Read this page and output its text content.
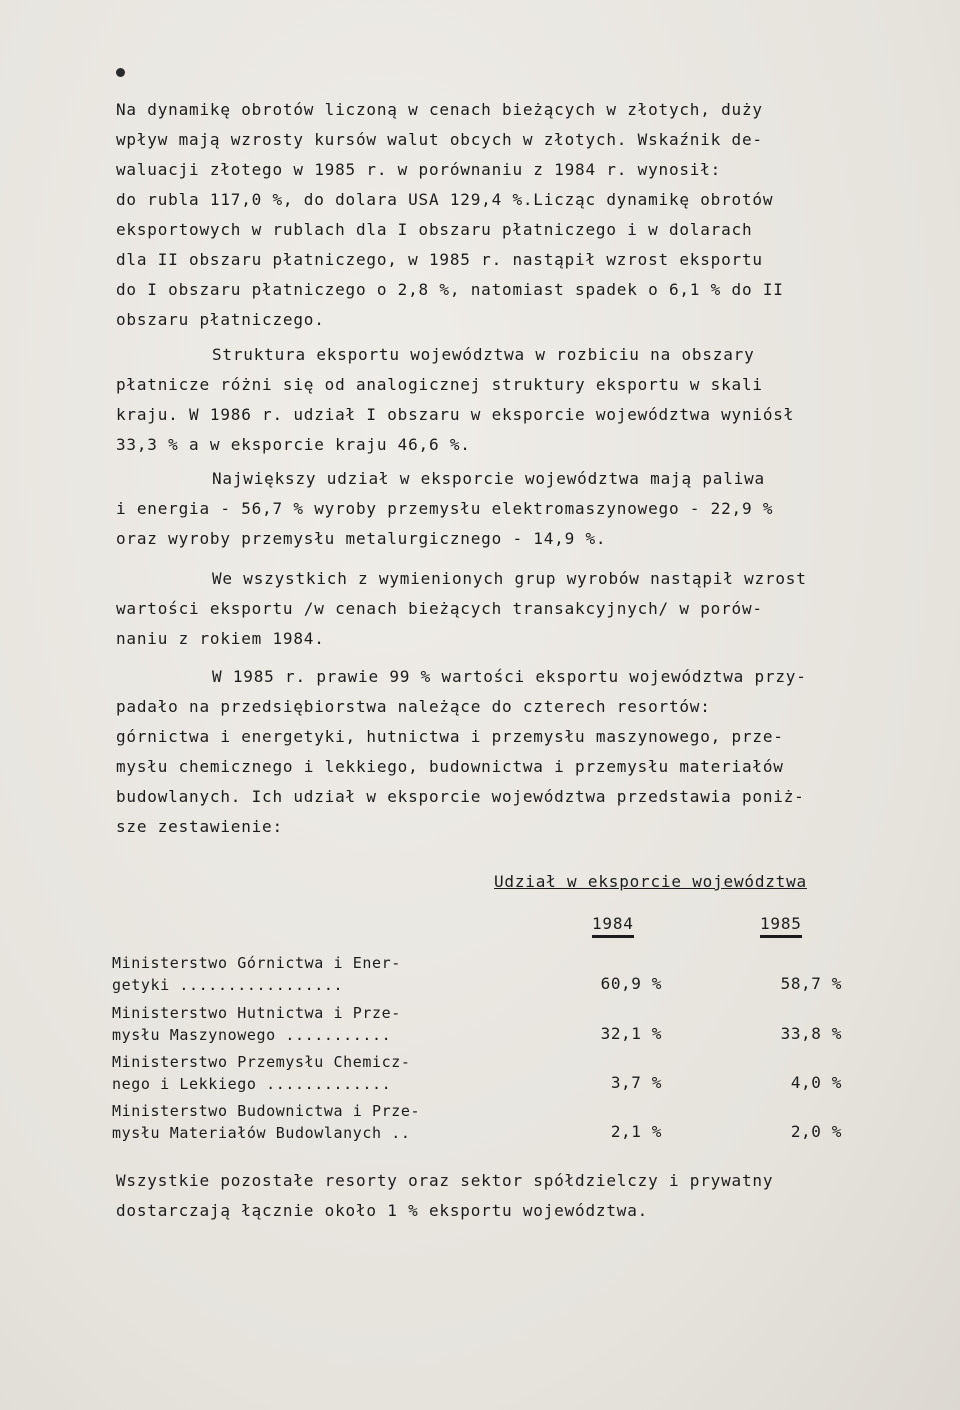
Na dynamikę obrotów liczoną w cenach bieżących w złotych, duży
wpływ mają wzrosty kursów walut obcych w złotych. Wskaźnik de-
waluacji złotego w 1985 r. w porównaniu z 1984 r. wynosił:
do rubla 117,0 %, do dolara USA 129,4 %.Licząc dynamikę obrotów
eksportowych w rublach dla I obszaru płatniczego i w dolarach
dla II obszaru płatniczego, w 1985 r. nastąpił wzrost eksportu
do I obszaru płatniczego o 2,8 %, natomiast spadek o 6,1 % do II
obszaru płatniczego.
Struktura eksportu województwa w rozbiciu na obszary
płatnicze różni się od analogicznej struktury eksportu w skali
kraju. W 1986 r. udział I obszaru w eksporcie województwa wyniósł
33,3 % a w eksporcie kraju 46,6 %.
Największy udział w eksporcie województwa mają paliwa
i energia - 56,7 % wyroby przemysłu elektromaszynowego - 22,9 %
oraz wyroby przemysłu metalurgicznego - 14,9 %.
We wszystkich z wymienionych grup wyrobów nastąpił wzrost
wartości eksportu /w cenach bieżących transakcyjnych/ w porów-
naniu z rokiem 1984.
W 1985 r. prawie 99 % wartości eksportu województwa przy-
padało na przedsiębiorstwa należące do czterech resortów:
górnictwa i energetyki, hutnictwa i przemysłu maszynowego, prze-
mysłu chemicznego i lekkiego, budownictwa i przemysłu materiałów
budowlanych. Ich udział w eksporcie województwa przedstawia poniż-
sze zestawienie:
Udział w eksporcie województwa
1984	1985
Ministerstwo Górnictwa i Ener-
getyki .................	60,9 %	58,7 %
Ministerstwo Hutnictwa i Prze-
mysłu Maszynowego ...........	32,1 %	33,8 %
Ministerstwo Przemysłu Chemicz-
nego i Lekkiego .............	3,7 %	4,0 %
Ministerstwo Budownictwa i Prze-
mysłu Materiałów Budowlanych ..	2,1 %	2,0 %
Wszystkie pozostałe resorty oraz sektor spółdzielczy i prywatny
dostarczają łącznie około 1 % eksportu województwa.
